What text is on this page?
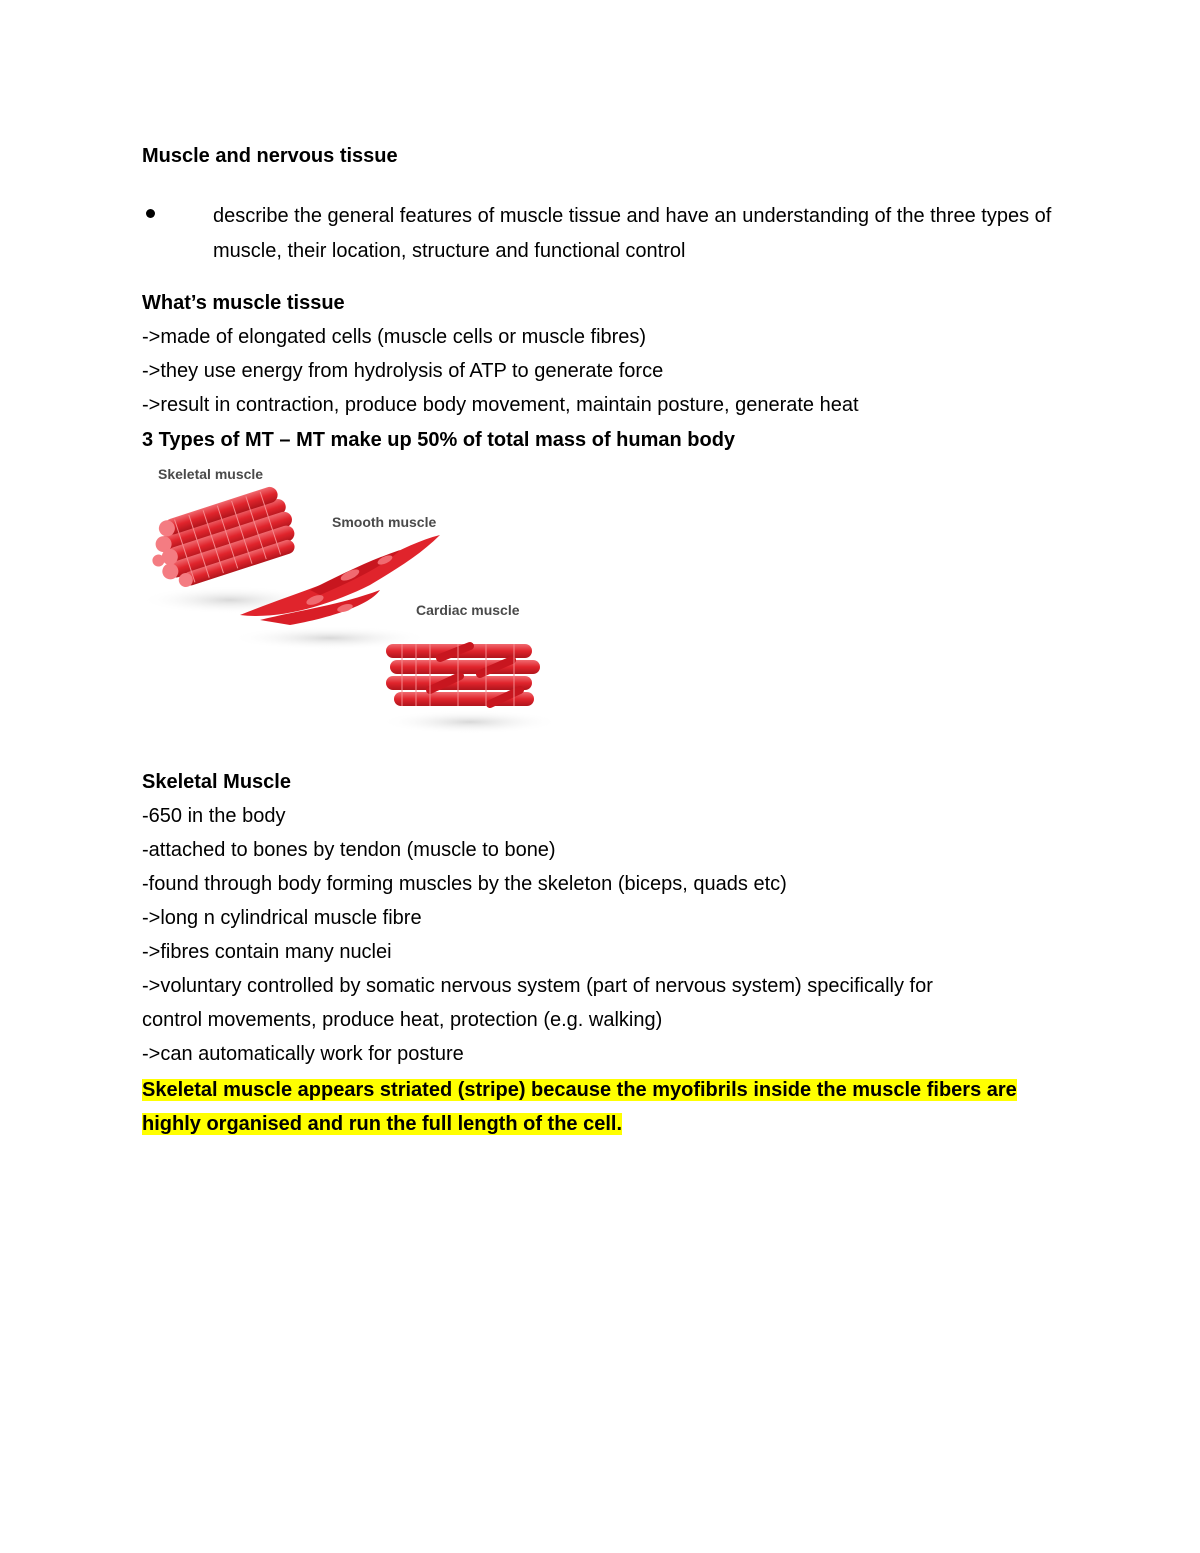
Muscle and nervous tissue
describe the general features of muscle tissue and have an understanding of the three types of muscle, their location, structure and functional control
What’s muscle tissue
->made of elongated cells (muscle cells or muscle fibres)
->they use energy from hydrolysis of ATP to generate force
->result in contraction, produce body movement, maintain posture, generate heat
3 Types of MT – MT make up 50% of total mass of human body
Skeletal muscle
Smooth muscle
Cardiac muscle
Skeletal Muscle
-650 in the body
-attached to bones by tendon (muscle to bone)
-found through body forming muscles by the skeleton (biceps, quads etc)
->long n cylindrical muscle fibre
->fibres contain many nuclei
->voluntary controlled by somatic nervous system (part of nervous system) specifically for
control movements, produce heat, protection (e.g. walking)
->can automatically work for posture
Skeletal muscle appears striated (stripe) because the myofibrils inside the muscle fibers are
highly organised and run the full length of the cell.
